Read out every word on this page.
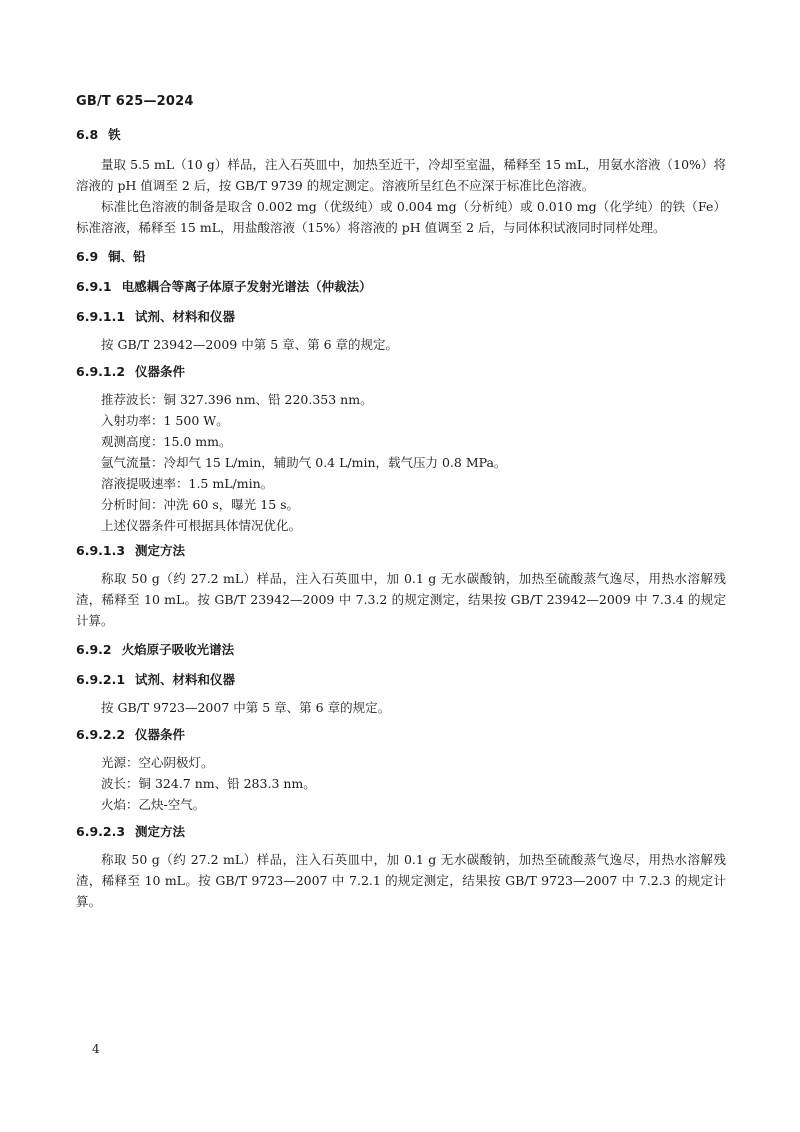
GB/T 625—2024
6.8 铁

量取 5.5 mL（10 g）样品，注入石英皿中，加热至近干，冷却至室温，稀释至 15 mL，用氨水溶液（10%）将溶液的 pH 值调至 2 后，按 GB/T 9739 的规定测定。溶液所呈红色不应深于标准比色溶液。

标准比色溶液的制备是取含 0.002 mg（优级纯）或 0.004 mg（分析纯）或 0.010 mg（化学纯）的铁（Fe）标准溶液，稀释至 15 mL，用盐酸溶液（15%）将溶液的 pH 值调至 2 后，与同体积试液同时同样处理。

6.9 铜、铅
6.9.1 电感耦合等离子体原子发射光谱法（仲裁法）
6.9.1.1 试剂、材料和仪器

按 GB/T 23942—2009 中第 5 章、第 6 章的规定。

6.9.1.2 仪器条件

推荐波长：铜 327.396 nm、铅 220.353 nm。

入射功率：1 500 W。

观测高度：15.0 mm。

氩气流量：冷却气 15 L/min，辅助气 0.4 L/min，载气压力 0.8 MPa。

溶液提吸速率：1.5 mL/min。

分析时间：冲洗 60 s，曝光 15 s。

上述仪器条件可根据具体情况优化。

6.9.1.3 测定方法

称取 50 g（约 27.2 mL）样品，注入石英皿中，加 0.1 g 无水碳酸钠，加热至硫酸蒸气逸尽，用热水溶解残渣，稀释至 10 mL。按 GB/T 23942—2009 中 7.3.2 的规定测定，结果按 GB/T 23942—2009 中 7.3.4 的规定计算。

6.9.2 火焰原子吸收光谱法
6.9.2.1 试剂、材料和仪器

按 GB/T 9723—2007 中第 5 章、第 6 章的规定。

6.9.2.2 仪器条件

光源：空心阴极灯。

波长：铜 324.7 nm、铅 283.3 nm。

火焰：乙炔-空气。

6.9.2.3 测定方法

称取 50 g（约 27.2 mL）样品，注入石英皿中，加 0.1 g 无水碳酸钠，加热至硫酸蒸气逸尽，用热水溶解残渣，稀释至 10 mL。按 GB/T 9723—2007 中 7.2.1 的规定测定，结果按 GB/T 9723—2007 中 7.2.3 的规定计算。

4
